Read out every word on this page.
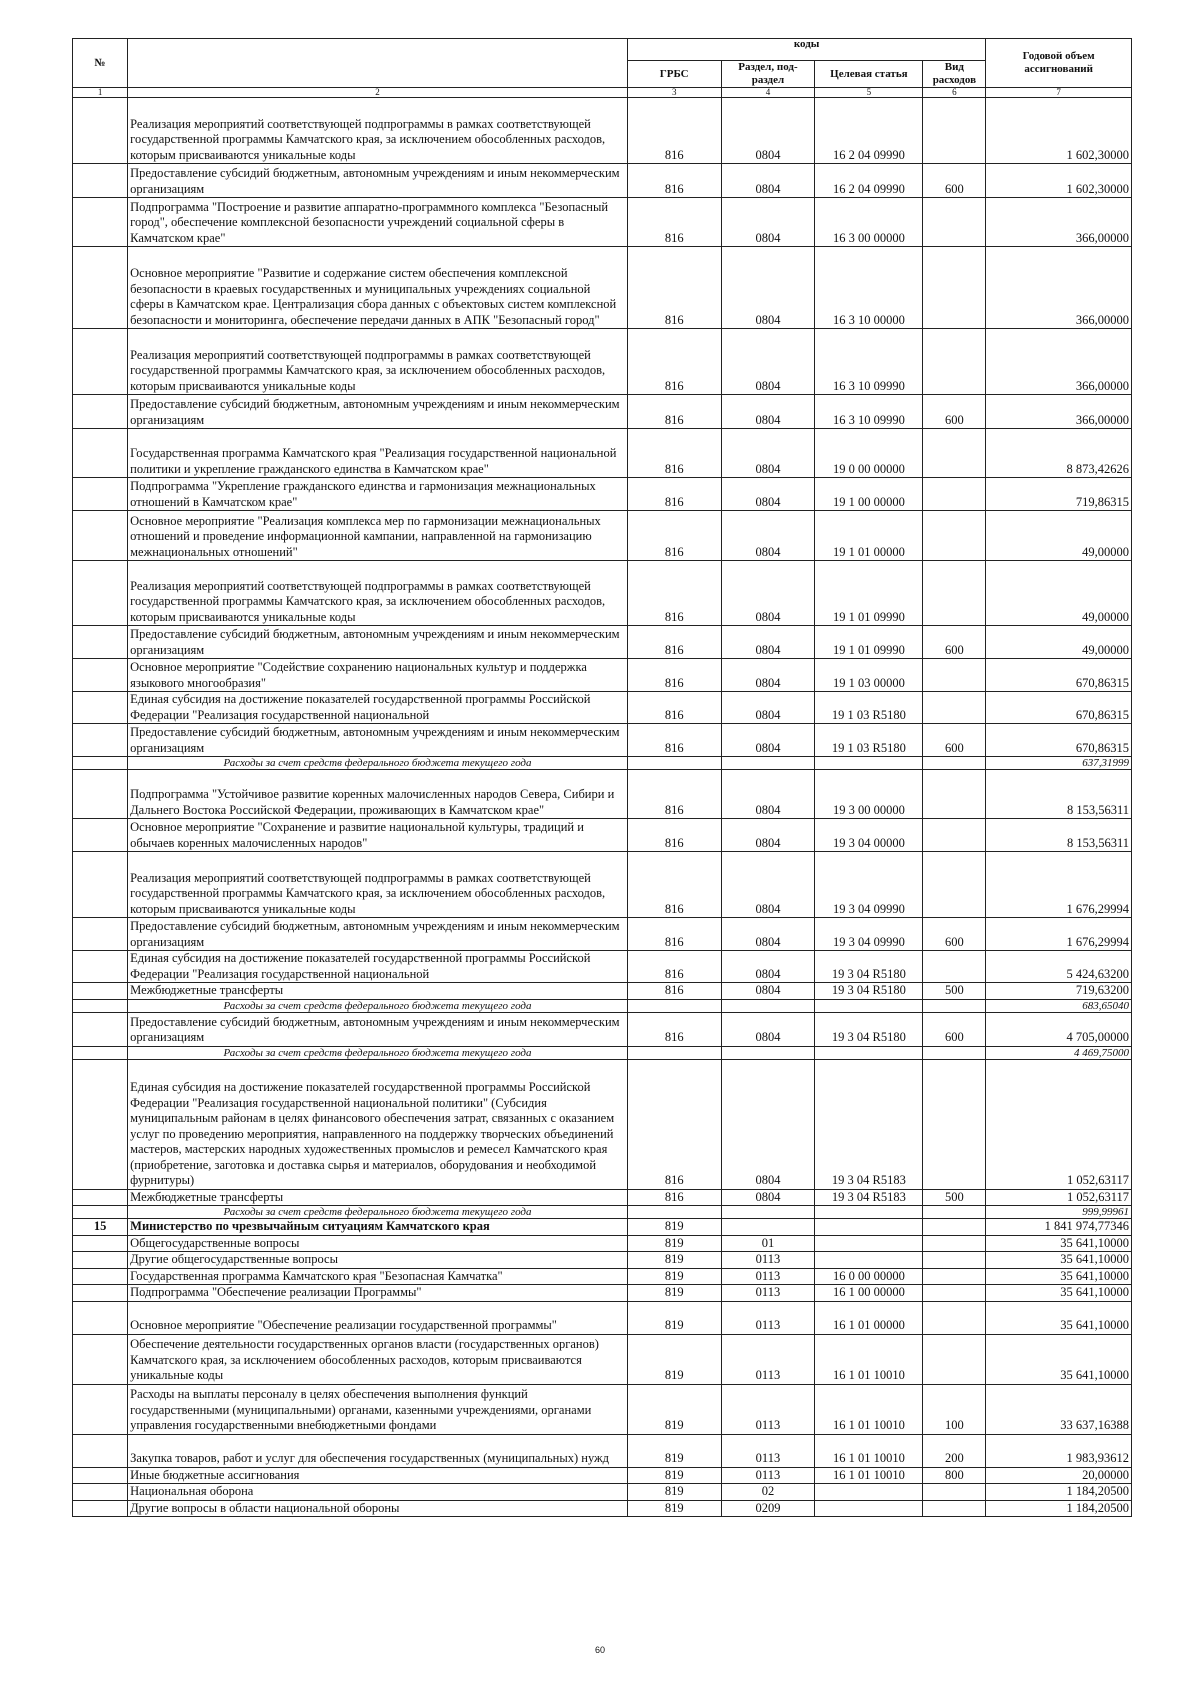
№		коды				Годовой объем ассигнований
		ГРБС	Раздел, под-раздел	Целевая статья	Вид расходов	
1	2	3	4	5	6	7
	Реализация мероприятий соответствующей подпрограммы в рамках соответствующей государственной программы Камчатского края, за исключением обособленных расходов, которым присваиваются уникальные коды	816	0804	16 2 04 09990		1 602,30000
	Предоставление субсидий бюджетным, автономным учреждениям и иным некоммерческим организациям	816	0804	16 2 04 09990	600	1 602,30000
	Подпрограмма "Построение и развитие аппаратно-программного комплекса "Безопасный город", обеспечение комплексной безопасности учреждений социальной сферы в Камчатском крае"	816	0804	16 3 00 00000		366,00000
	Основное мероприятие "Развитие и содержание систем обеспечения комплексной безопасности в краевых государственных и муниципальных учреждениях социальной сферы в Камчатском крае. Централизация сбора данных с объектовых систем комплексной безопасности и мониторинга, обеспечение передачи данных в АПК "Безопасный город"	816	0804	16 3 10 00000		366,00000
	Реализация мероприятий соответствующей подпрограммы в рамках соответствующей государственной программы Камчатского края, за исключением обособленных расходов, которым присваиваются уникальные коды	816	0804	16 3 10 09990		366,00000
	Предоставление субсидий бюджетным, автономным учреждениям и иным некоммерческим организациям	816	0804	16 3 10 09990	600	366,00000
	Государственная программа Камчатского края "Реализация государственной национальной политики и укрепление гражданского единства в Камчатском крае"	816	0804	19 0 00 00000		8 873,42626
	Подпрограмма "Укрепление гражданского единства и гармонизация межнациональных отношений в Камчатском крае"	816	0804	19 1 00 00000		719,86315
	Основное мероприятие "Реализация комплекса мер по гармонизации межнациональных отношений и проведение информационной кампании, направленной на гармонизацию межнациональных отношений"	816	0804	19 1 01 00000		49,00000
	Реализация мероприятий соответствующей подпрограммы в рамках соответствующей государственной программы Камчатского края, за исключением обособленных расходов, которым присваиваются уникальные коды	816	0804	19 1 01 09990		49,00000
	Предоставление субсидий бюджетным, автономным учреждениям и иным некоммерческим организациям	816	0804	19 1 01 09990	600	49,00000
	Основное мероприятие "Содействие сохранению национальных культур и поддержка языкового многообразия"	816	0804	19 1 03 00000		670,86315
	Единая субсидия на достижение показателей государственной программы Российской Федерации "Реализация государственной национальной	816	0804	19 1 03 R5180		670,86315
	Предоставление субсидий бюджетным, автономным учреждениям и иным некоммерческим организациям	816	0804	19 1 03 R5180	600	670,86315
	Расходы за счет средств федерального бюджета текущего года					637,31999
	Подпрограмма "Устойчивое развитие коренных малочисленных народов Севера, Сибири и Дальнего Востока Российской Федерации, проживающих в Камчатском крае"	816	0804	19 3 00 00000		8 153,56311
	Основное мероприятие "Сохранение и развитие национальной культуры, традиций и обычаев коренных малочисленных народов"	816	0804	19 3 04 00000		8 153,56311
	Реализация мероприятий соответствующей подпрограммы в рамках соответствующей государственной программы Камчатского края, за исключением обособленных расходов, которым присваиваются уникальные коды	816	0804	19 3 04 09990		1 676,29994
	Предоставление субсидий бюджетным, автономным учреждениям и иным некоммерческим организациям	816	0804	19 3 04 09990	600	1 676,29994
	Единая субсидия на достижение показателей государственной программы Российской Федерации "Реализация государственной национальной	816	0804	19 3 04 R5180		5 424,63200
	Межбюджетные трансферты	816	0804	19 3 04 R5180	500	719,63200
	Расходы за счет средств федерального бюджета текущего года					683,65040
	Предоставление субсидий бюджетным, автономным учреждениям и иным некоммерческим организациям	816	0804	19 3 04 R5180	600	4 705,00000
	Расходы за счет средств федерального бюджета текущего года					4 469,75000
	Единая субсидия на достижение показателей государственной программы Российской Федерации "Реализация государственной национальной политики" (Субсидия муниципальным районам в целях финансового обеспечения затрат, связанных с оказанием услуг по проведению мероприятия, направленного на поддержку творческих объединений мастеров, мастерских народных художественных промыслов и ремесел Камчатского края (приобретение, заготовка и доставка сырья и материалов, оборудования и необходимой фурнитуры)	816	0804	19 3 04 R5183		1 052,63117
	Межбюджетные трансферты	816	0804	19 3 04 R5183	500	1 052,63117
	Расходы за счет средств федерального бюджета текущего года					999,99961
15	Министерство по чрезвычайным ситуациям Камчатского края	819				1 841 974,77346
	Общегосударственные вопросы	819	01			35 641,10000
	Другие общегосударственные вопросы	819	0113			35 641,10000
	Государственная программа Камчатского края "Безопасная Камчатка"	819	0113	16 0 00 00000		35 641,10000
	Подпрограмма "Обеспечение реализации Программы"	819	0113	16 1 00 00000		35 641,10000
	Основное мероприятие "Обеспечение реализации государственной программы"	819	0113	16 1 01 00000		35 641,10000
	Обеспечение деятельности государственных органов власти (государственных органов) Камчатского края, за исключением обособленных расходов, которым присваиваются уникальные коды	819	0113	16 1 01 10010		35 641,10000
	Расходы на выплаты персоналу в целях обеспечения выполнения функций государственными (муниципальными) органами, казенными учреждениями, органами управления государственными внебюджетными фондами	819	0113	16 1 01 10010	100	33 637,16388
	Закупка товаров, работ и услуг для обеспечения государственных (муниципальных) нужд	819	0113	16 1 01 10010	200	1 983,93612
	Иные бюджетные ассигнования	819	0113	16 1 01 10010	800	20,00000
	Национальная оборона	819	02			1 184,20500
	Другие вопросы в области национальной обороны	819	0209			1 184,20500
60
